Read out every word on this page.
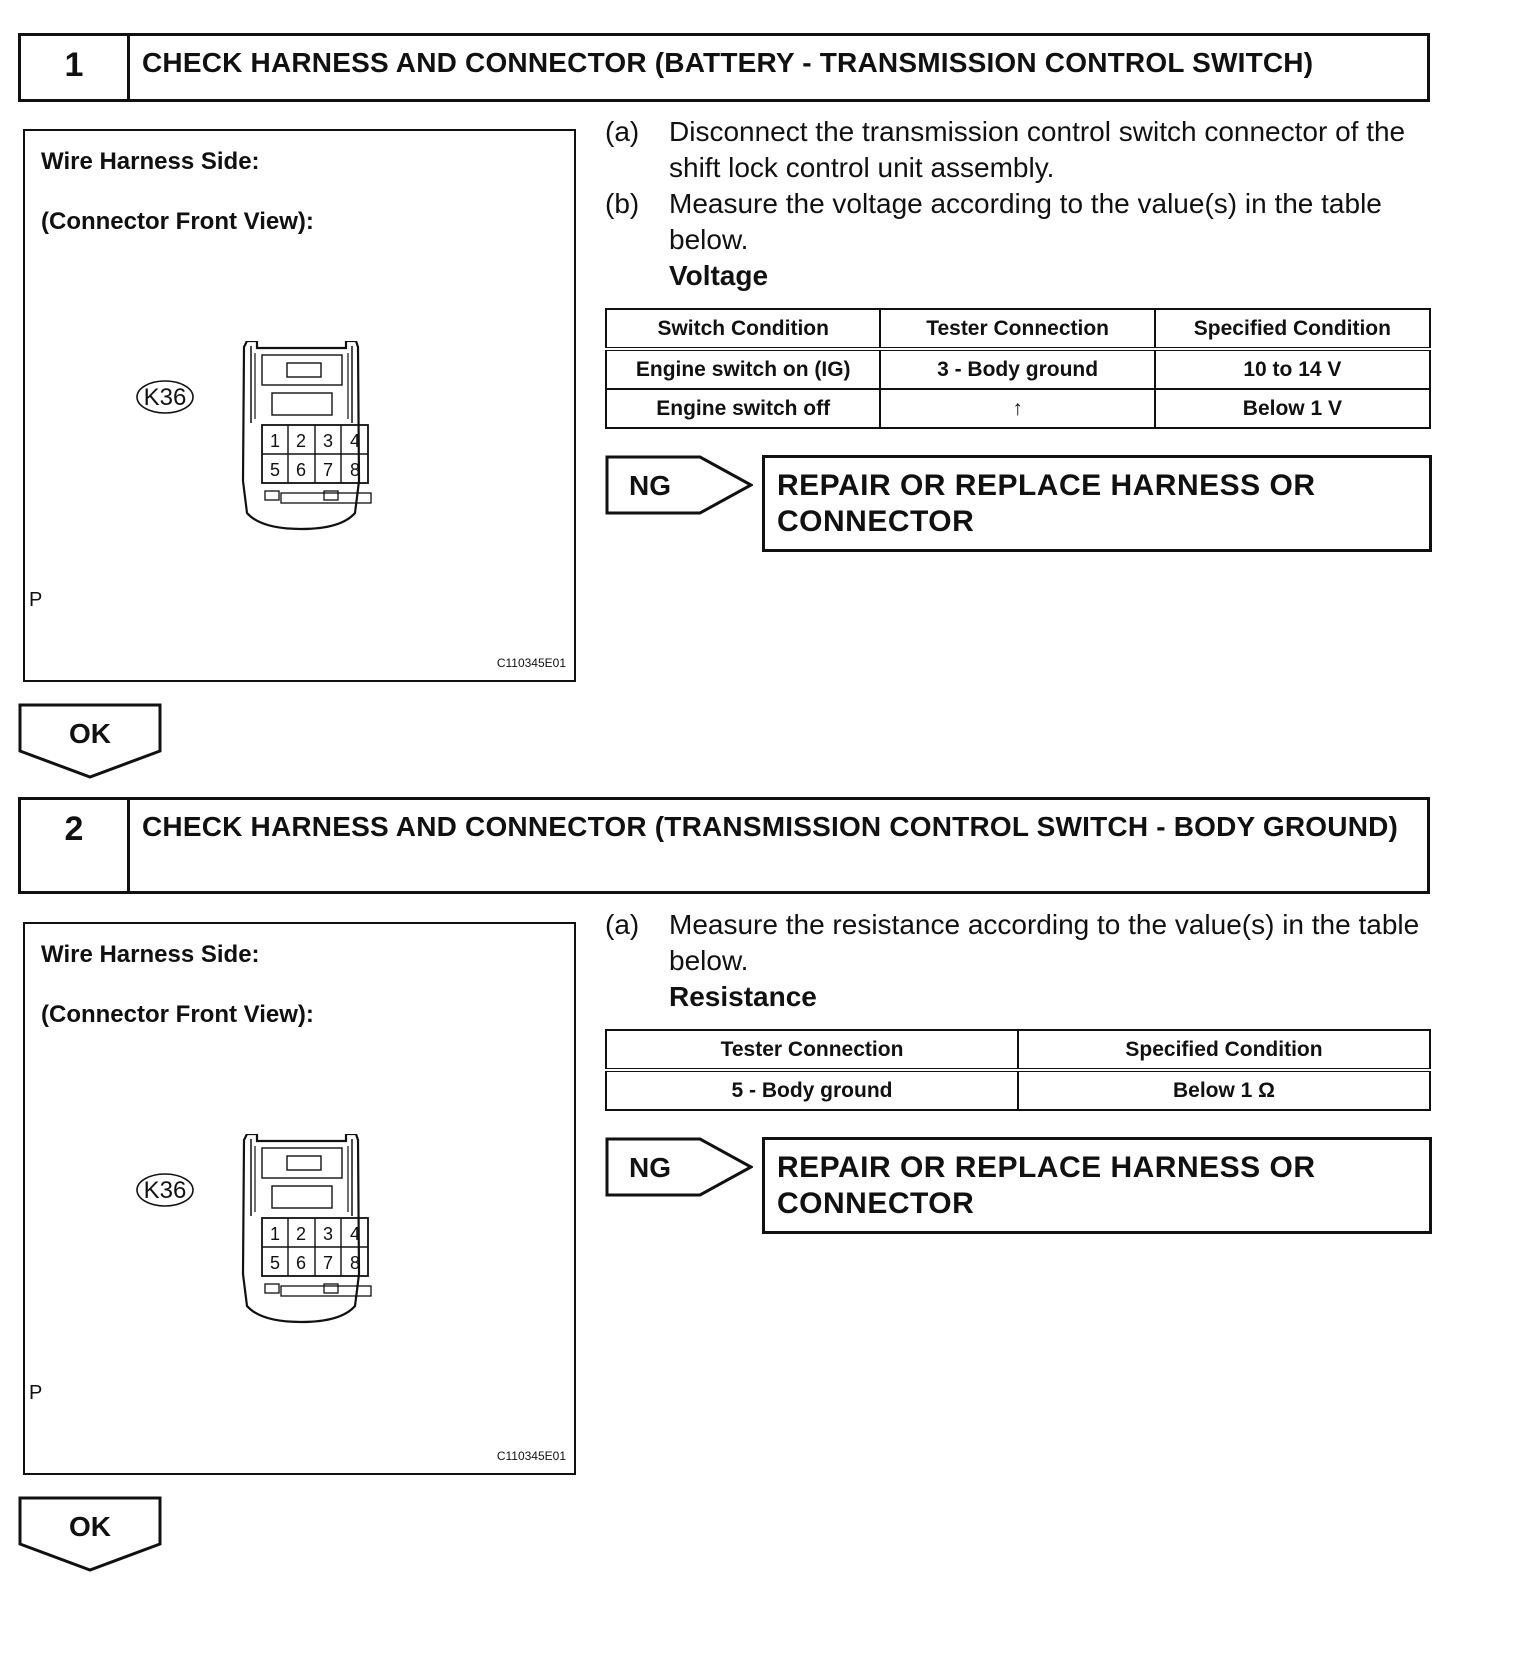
1	CHECK HARNESS AND CONNECTOR (BATTERY - TRANSMISSION CONTROL SWITCH)
Wire Harness Side:
(Connector Front View):
K36
1 2 3 4
5 6 7 8
P
C110345E01
(a)	Disconnect the transmission control switch connector of the shift lock control unit assembly.
(b)	Measure the voltage according to the value(s) in the table below.
Voltage
Switch Condition	Tester Connection	Specified Condition
Engine switch on (IG)	3 - Body ground	10 to 14 V
Engine switch off	↑	Below 1 V
NG	REPAIR OR REPLACE HARNESS OR CONNECTOR
OK
2	CHECK HARNESS AND CONNECTOR (TRANSMISSION CONTROL SWITCH - BODY GROUND)
Wire Harness Side:
(Connector Front View):
K36
1 2 3 4
5 6 7 8
P
C110345E01
(a)	Measure the resistance according to the value(s) in the table below.
Resistance
Tester Connection	Specified Condition
5 - Body ground	Below 1 Ω
NG	REPAIR OR REPLACE HARNESS OR CONNECTOR
OK
